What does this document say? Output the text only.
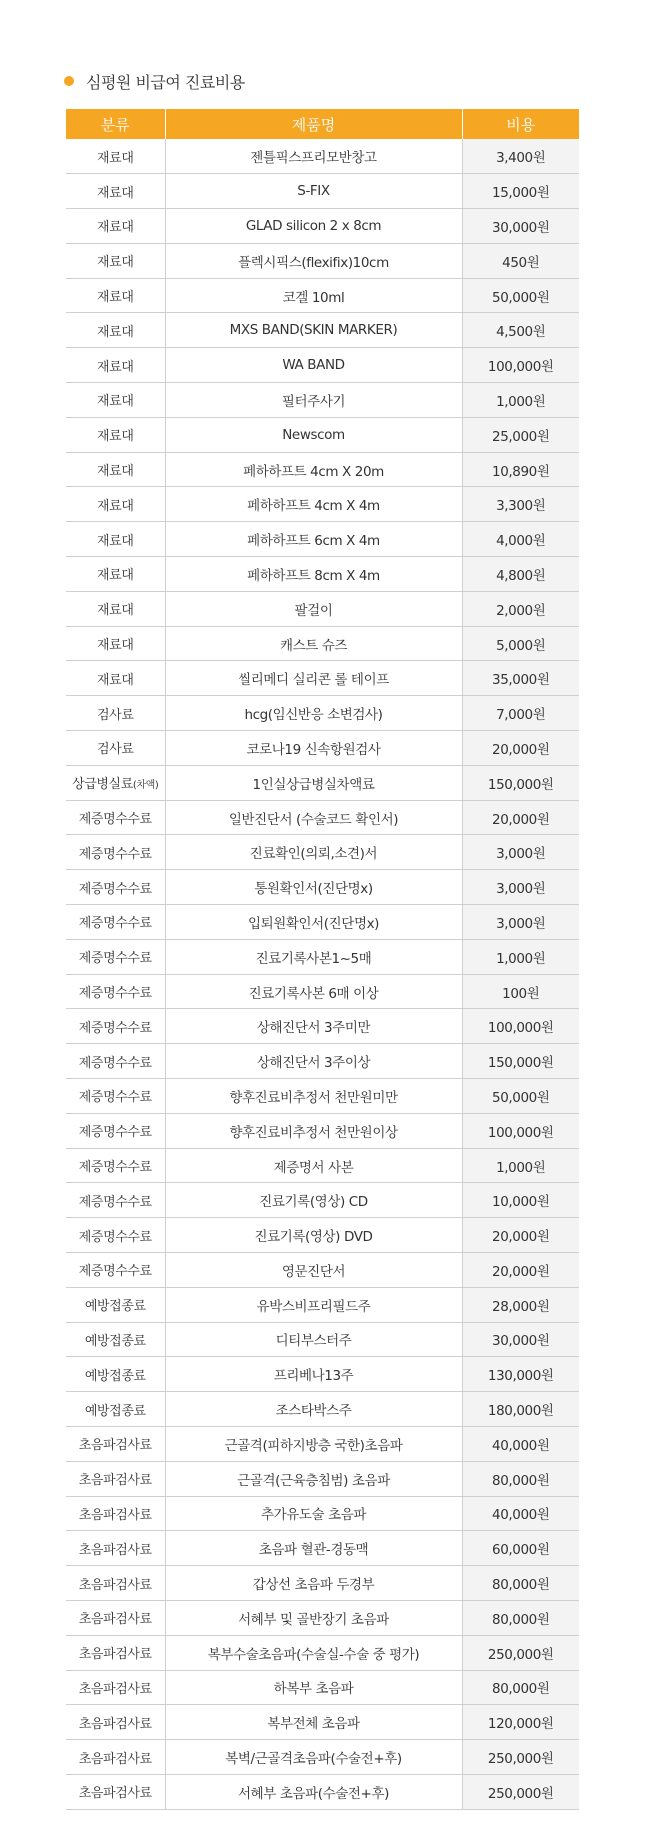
심평원 비급여 진료비용
분류	제품명	비용
재료대	젠틀픽스프리모반창고	3,400원
재료대	S-FIX	15,000원
재료대	GLAD silicon 2 x 8cm	30,000원
재료대	플렉시픽스(flexifix)10cm	450원
재료대	코겔 10ml	50,000원
재료대	MXS BAND(SKIN MARKER)	4,500원
재료대	WA BAND	100,000원
재료대	필터주사기	1,000원
재료대	Newscom	25,000원
재료대	페하하프트 4cm X 20m	10,890원
재료대	페하하프트 4cm X 4m	3,300원
재료대	페하하프트 6cm X 4m	4,000원
재료대	페하하프트 8cm X 4m	4,800원
재료대	팔걸이	2,000원
재료대	캐스트 슈즈	5,000원
재료대	씰리메디 실리콘 롤 테이프	35,000원
검사료	hcg(임신반응 소변검사)	7,000원
검사료	코로나19 신속항원검사	20,000원
상급병실료(차액)	1인실상급병실차액료	150,000원
제증명수수료	일반진단서 (수술코드 확인서)	20,000원
제증명수수료	진료확인(의뢰,소견)서	3,000원
제증명수수료	통원확인서(진단명x)	3,000원
제증명수수료	입퇴원확인서(진단명x)	3,000원
제증명수수료	진료기록사본1~5매	1,000원
제증명수수료	진료기록사본 6매 이상	100원
제증명수수료	상해진단서 3주미만	100,000원
제증명수수료	상해진단서 3주이상	150,000원
제증명수수료	향후진료비추정서 천만원미만	50,000원
제증명수수료	향후진료비추정서 천만원이상	100,000원
제증명수수료	제증명서 사본	1,000원
제증명수수료	진료기록(영상) CD	10,000원
제증명수수료	진료기록(영상) DVD	20,000원
제증명수수료	영문진단서	20,000원
예방접종료	유박스비프리필드주	28,000원
예방접종료	디티부스터주	30,000원
예방접종료	프리베나13주	130,000원
예방접종료	조스타박스주	180,000원
초음파검사료	근골격(피하지방층 국한)초음파	40,000원
초음파검사료	근골격(근육층침범) 초음파	80,000원
초음파검사료	추가유도술 초음파	40,000원
초음파검사료	초음파 혈관-경동맥	60,000원
초음파검사료	갑상선 초음파 두경부	80,000원
초음파검사료	서혜부 및 골반장기 초음파	80,000원
초음파검사료	복부수술초음파(수술실-수술 중 평가)	250,000원
초음파검사료	하복부 초음파	80,000원
초음파검사료	복부전체 초음파	120,000원
초음파검사료	복벽/근골격초음파(수술전+후)	250,000원
초음파검사료	서혜부 초음파(수술전+후)	250,000원
